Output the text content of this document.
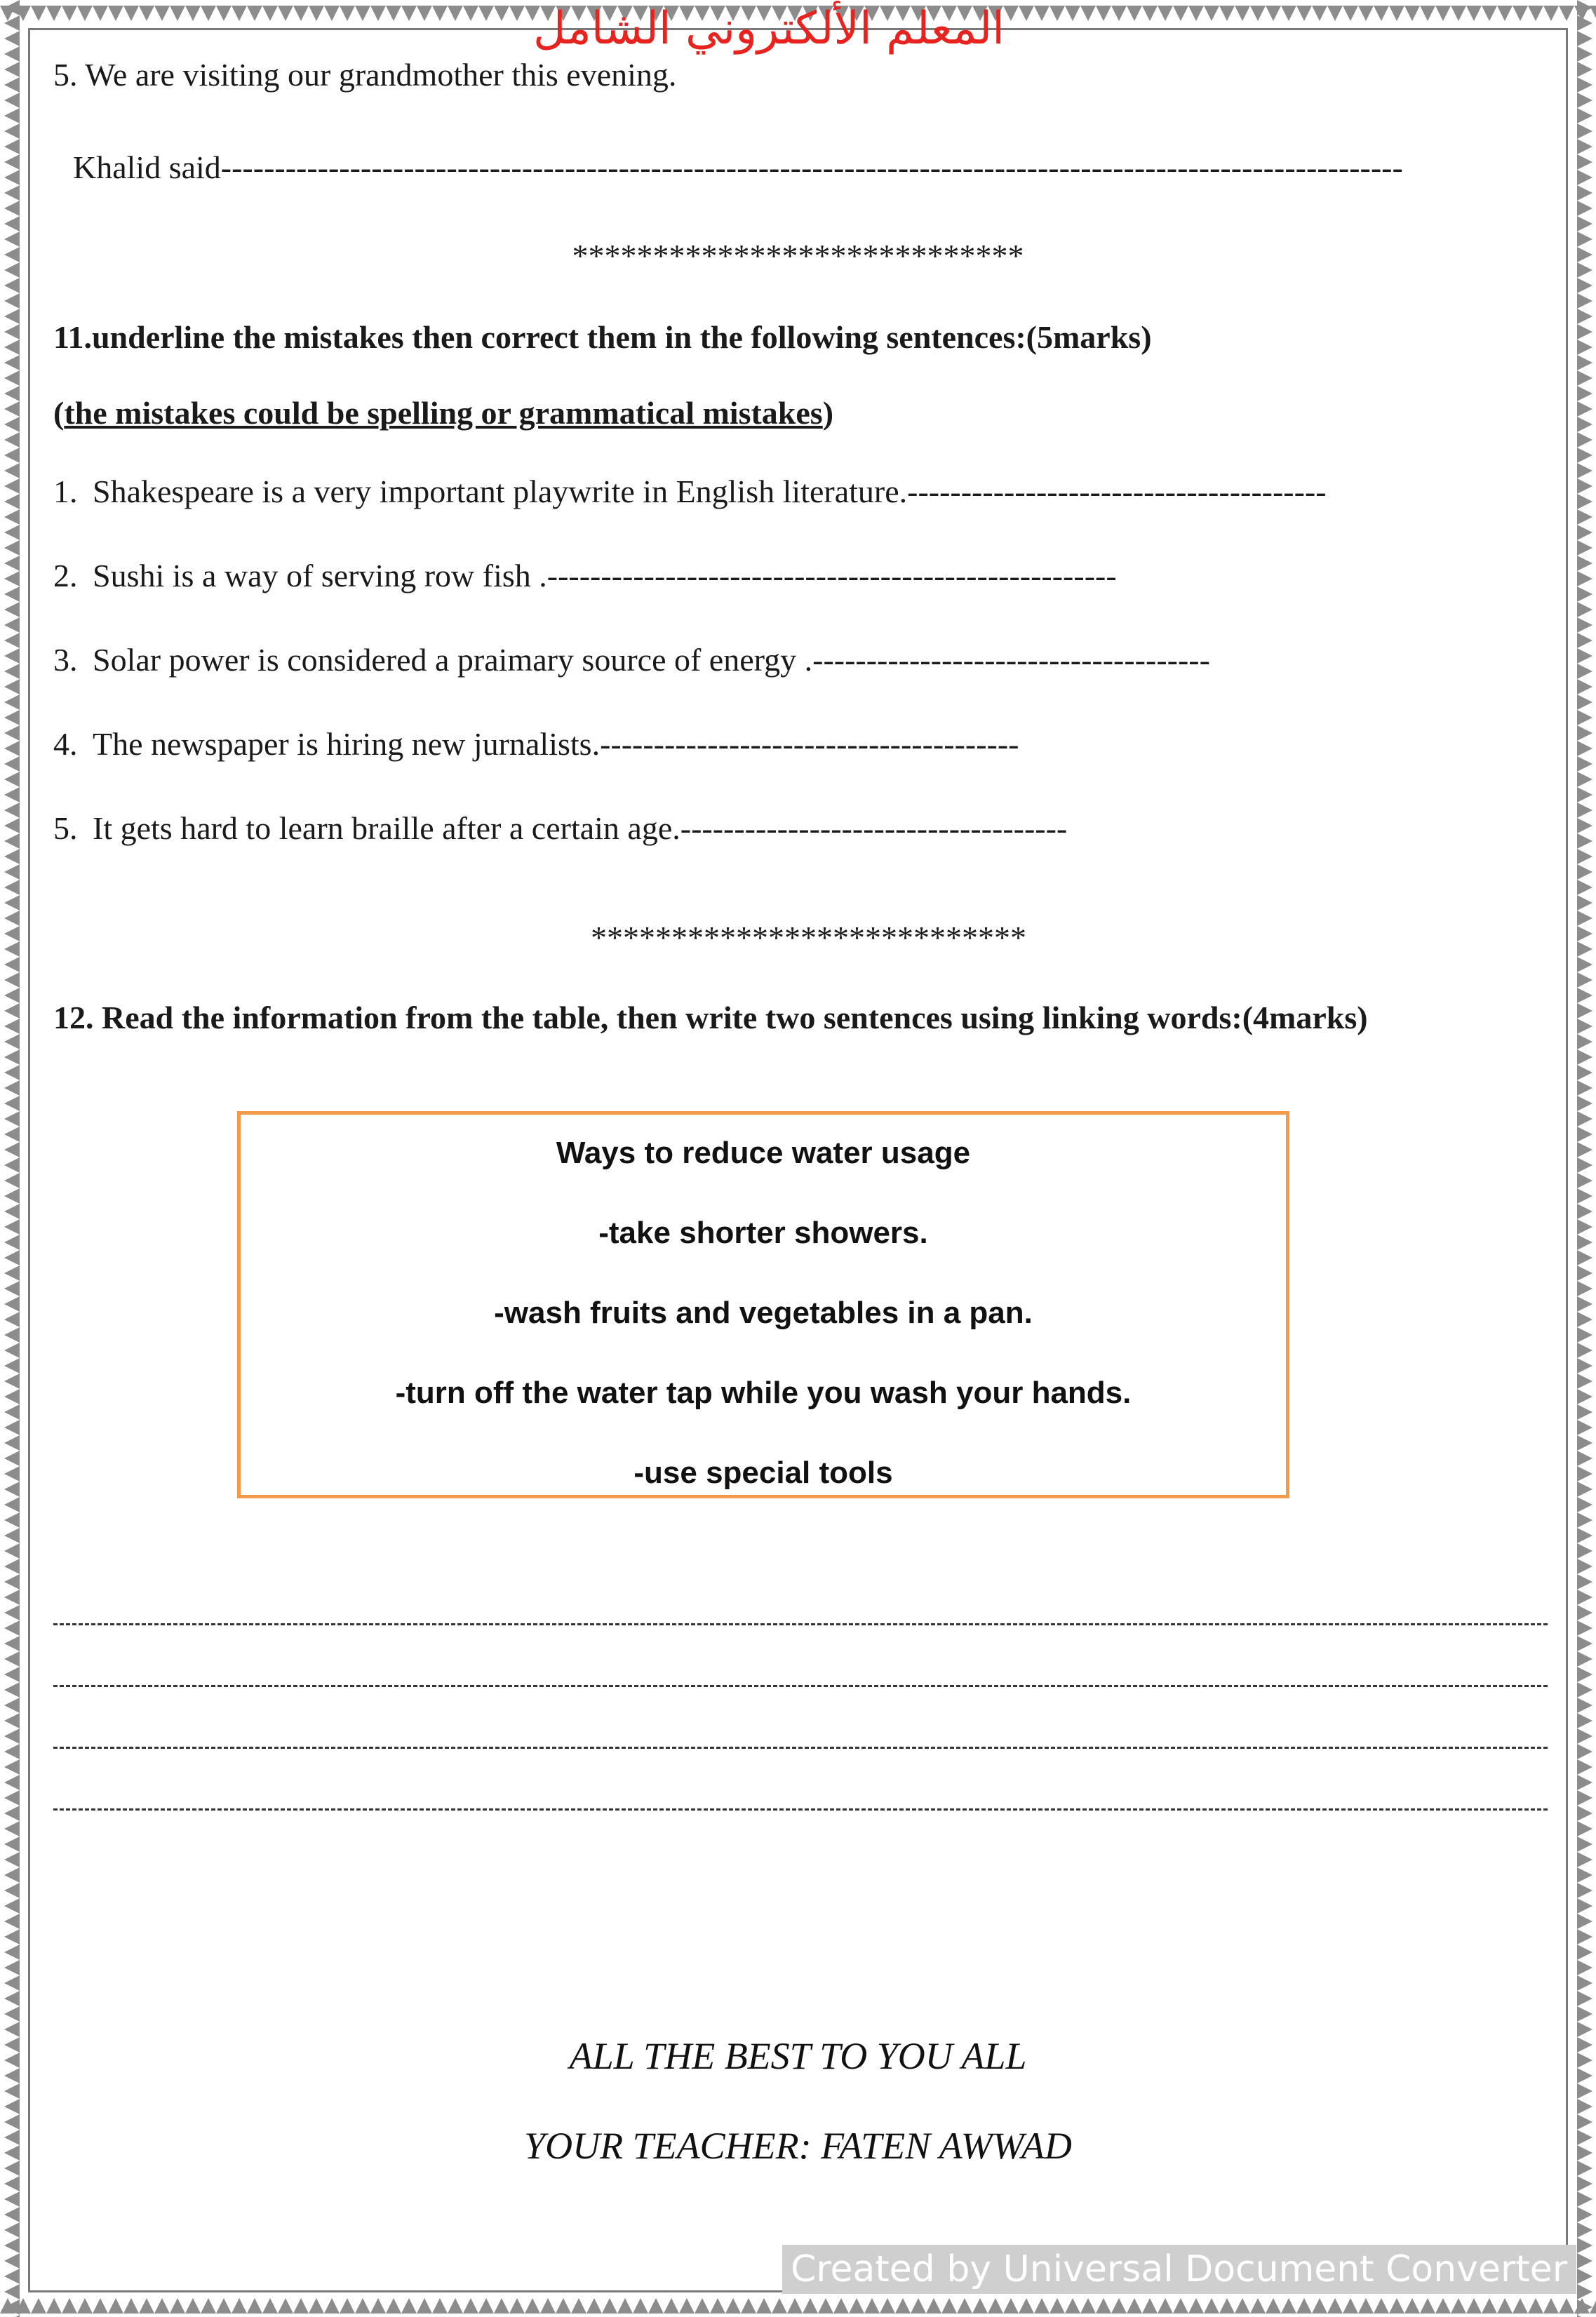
المعلم الألكتروني الشامل
5. We are visiting our grandmother this evening.
Khalid said--------------------------------------------------------------------------------------------------------------
****************************
11.underline the mistakes then correct them in the following sentences:(5marks)
(the mistakes could be spelling or grammatical mistakes)
1. Shakespeare is a very important playwrite in English literature.---------------------------------------
2. Sushi is a way of serving row fish .-----------------------------------------------------
3. Solar power is considered a praimary source of energy .-------------------------------------
4. The newspaper is hiring new jurnalists.---------------------------------------
5. It gets hard to learn braille after a certain age.------------------------------------
***************************
12. Read the information from the table, then write two sentences using linking words:(4marks)
Ways to reduce water usage
-take shorter showers.
-wash fruits and vegetables in a pan.
-turn off the water tap while you wash your hands.
-use special tools
ALL THE BEST TO YOU ALL
YOUR TEACHER: FATEN AWWAD
Created by Universal Document Converter
